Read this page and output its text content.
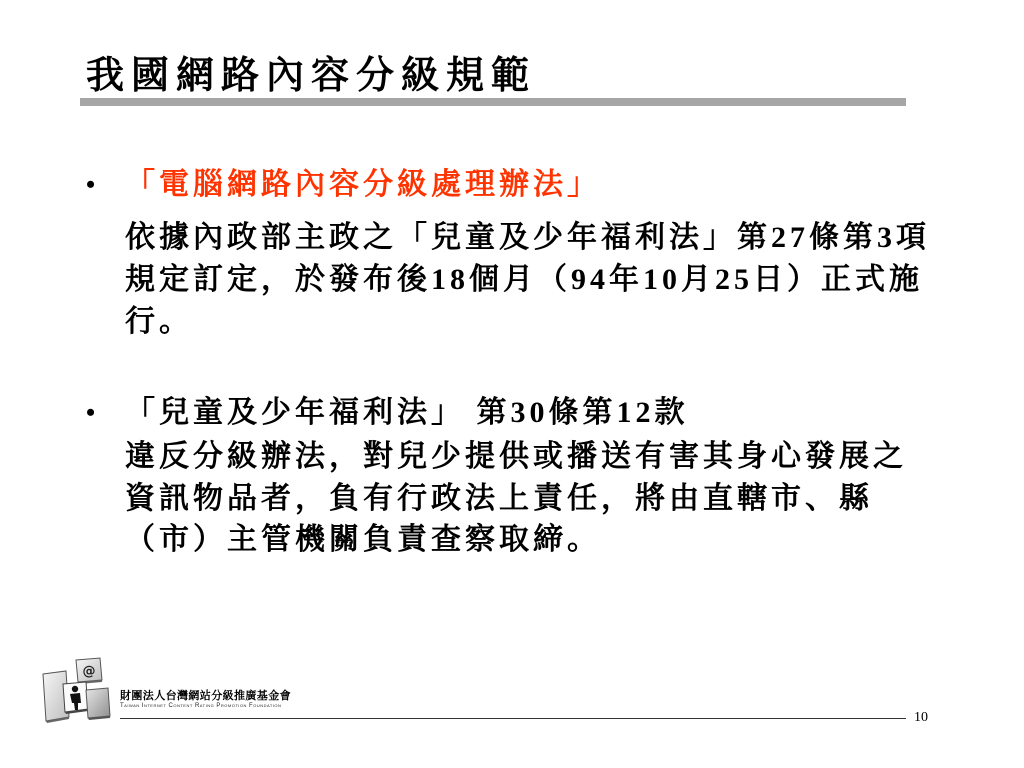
我國網路內容分級規範
• 「電腦網路內容分級處理辦法」
依據內政部主政之「兒童及少年福利法」第27條第3項
規定訂定，於發布後18個月（94年10月25日）正式施
行。
• 「兒童及少年福利法」 第30條第12款
違反分級辦法，對兒少提供或播送有害其身心發展之
資訊物品者，負有行政法上責任，將由直轄市、縣
（市）主管機關負責查察取締。
@
財團法人台灣網站分級推廣基金會
Taiwan Internet Content Rating Promotion Foundation
10
